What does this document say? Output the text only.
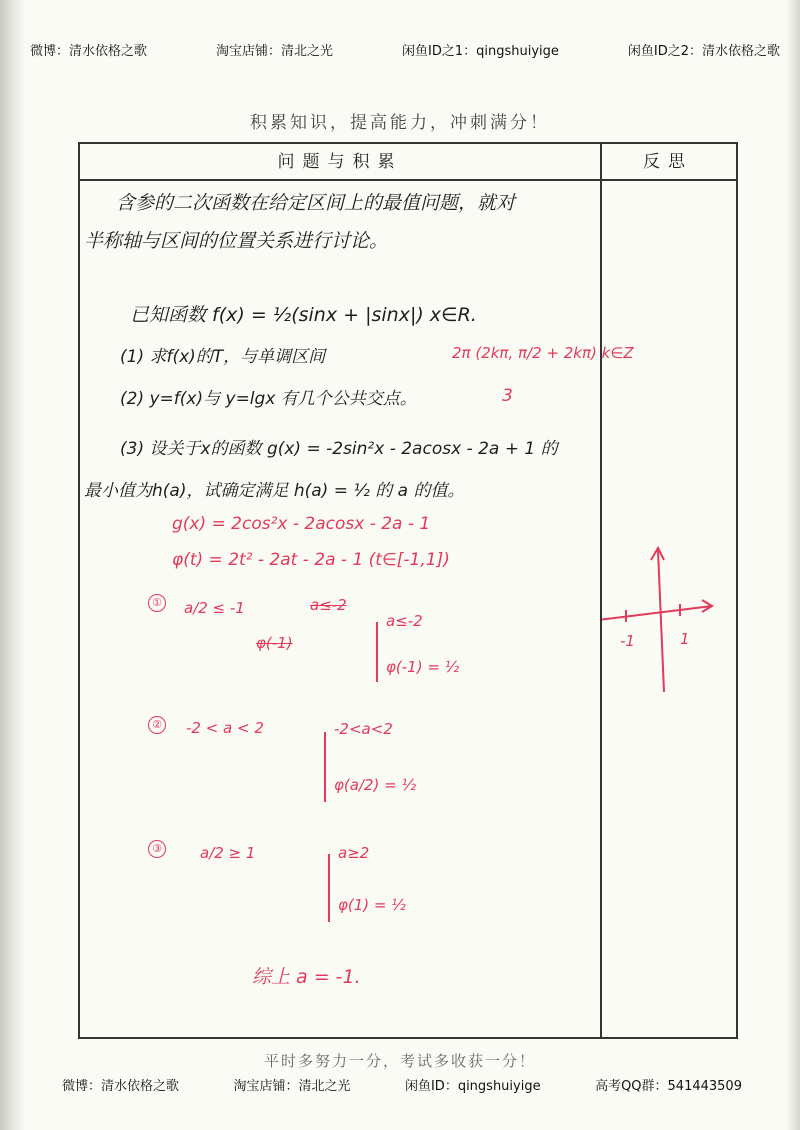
微博：清水依格之歌	淘宝店铺：清北之光	闲鱼ID之1：qingshuiyige	闲鱼ID之2：清水依格之歌
积累知识，提高能力，冲刺满分！
问题与积累	反思
含参的二次函数在给定区间上的最值问题，就对
半称轴与区间的位置关系进行讨论。
已知函数 f(x) = ½(sinx + |sinx|) x∈R.
(1) 求f(x)的T，与单调区间	2π (2kπ, π/2 + 2kπ) k∈Z
(2) y=f(x)与 y=lgx 有几个公共交点。	3
(3) 设关于x的函数 g(x) = -2sin²x - 2acosx - 2a + 1 的
最小值为h(a)，试确定满足 h(a) = ½ 的 a 的值。
g(x) = 2cos²x - 2acosx - 2a - 1
φ(t) = 2t² - 2at - 2a - 1 (t∈[-1,1])
① a/2 ≤ -1	a≤-2
φ(-1)
a≤-2
φ(-1) = ½
② -2 < a < 2	-2<a<2
φ(a/2) = ½
③	a/2 ≥ 1	a≥2
φ(1) = ½
综上 a = -1.
-1	1
平时多努力一分，考试多收获一分！
微博：清水依格之歌	淘宝店铺：清北之光	闲鱼ID：qingshuiyige	高考QQ群：541443509
